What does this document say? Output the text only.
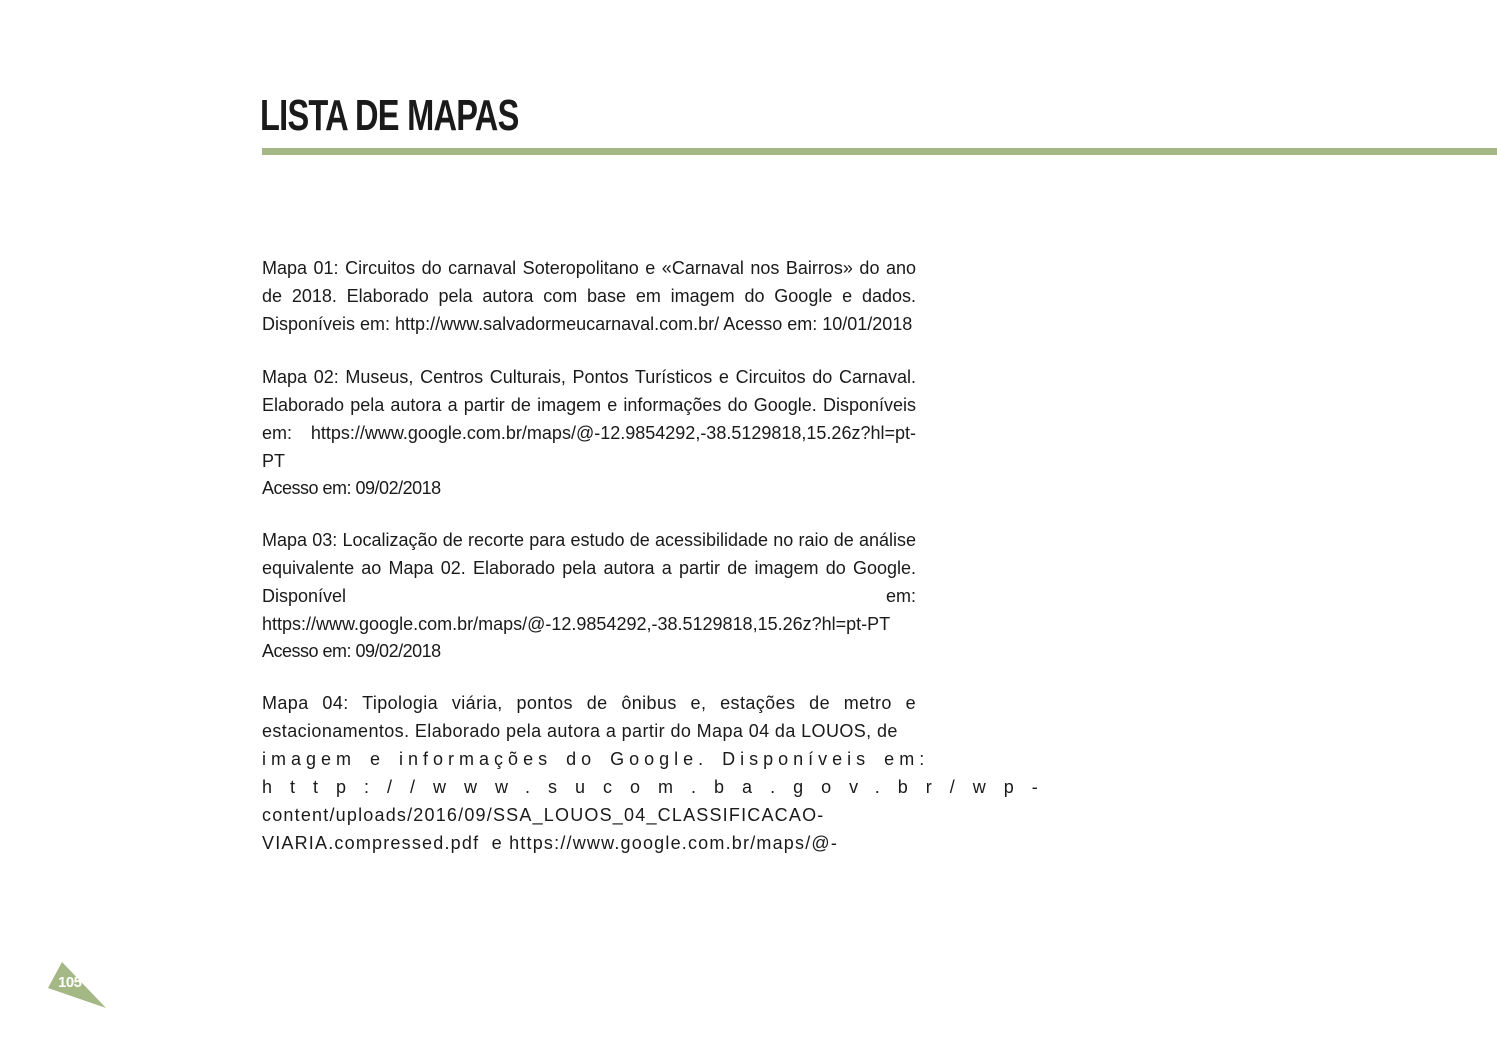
LISTA DE MAPAS

Mapa 01: Circuitos do carnaval Soteropolitano e «Carnaval nos Bairros» do ano de 2018. Elaborado pela autora com base em imagem do Google e dados. Disponíveis em: http://www.salvadormeucarnaval.com.br/ Acesso em: 10/01/2018

Mapa 02: Museus, Centros Culturais, Pontos Turísticos e Circuitos do Carnaval. Elaborado pela autora a partir de imagem e informações do Google. Disponíveis em: https://www.google.com.br/maps/@-12.9854292,-38.5129818,15.26z?hl=pt-PT

Acesso em: 09/02/2018

Mapa 03: Localização de recorte para estudo de acessibilidade no raio de análise equivalente ao Mapa 02. Elaborado pela autora a partir de imagem do Google. Disponível em: https://www.google.com.br/maps/@-12.9854292,-38.5129818,15.26z?hl=pt-PT

Acesso em: 09/02/2018

Mapa 04: Tipologia viária, pontos de ônibus e, estações de metro e estacionamentos. Elaborado pela autora a partir do Mapa 04 da LOUOS, de

imagem e informações do Google. Disponíveis em:
http://www.sucom.ba.gov.br/wp-
content/uploads/2016/09/SSA_LOUOS_04_CLASSIFICACAO-
VIARIA.compressed.pdf  e https://www.google.com.br/maps/@-
105
